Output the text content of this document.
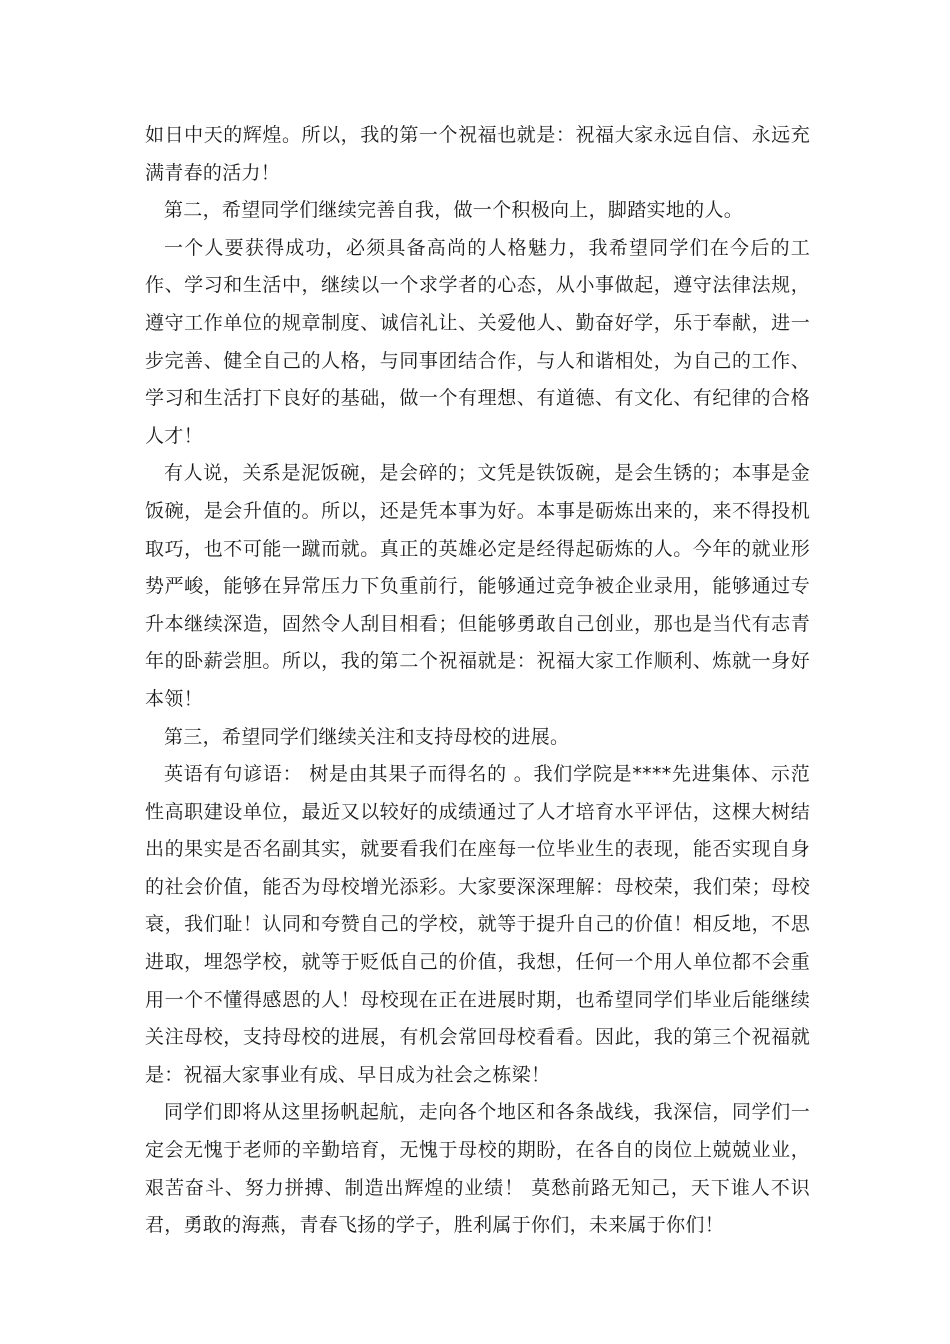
如日中天的辉煌。所以，我的第一个祝福也就是：祝福大家永远自信、永远充满青春的活力！

第二，希望同学们继续完善自我，做一个积极向上，脚踏实地的人。

一个人要获得成功，必须具备高尚的人格魅力，我希望同学们在今后的工作、学习和生活中，继续以一个求学者的心态，从小事做起，遵守法律法规，遵守工作单位的规章制度、诚信礼让、关爱他人、勤奋好学，乐于奉献，进一步完善、健全自己的人格，与同事团结合作，与人和谐相处，为自己的工作、学习和生活打下良好的基础，做一个有理想、有道德、有文化、有纪律的合格人才！

有人说，关系是泥饭碗，是会碎的；文凭是铁饭碗，是会生锈的；本事是金饭碗，是会升值的。所以，还是凭本事为好。本事是砺炼出来的，来不得投机取巧，也不可能一蹴而就。真正的英雄必定是经得起砺炼的人。今年的就业形势严峻，能够在异常压力下负重前行，能够通过竞争被企业录用，能够通过专升本继续深造，固然令人刮目相看；但能够勇敢自己创业，那也是当代有志青年的卧薪尝胆。所以，我的第二个祝福就是：祝福大家工作顺利、炼就一身好本领！

第三，希望同学们继续关注和支持母校的进展。

英语有句谚语： 树是由其果子而得名的 。我们学院是****先进集体、示范性高职建设单位，最近又以较好的成绩通过了人才培育水平评估，这棵大树结出的果实是否名副其实，就要看我们在座每一位毕业生的表现，能否实现自身的社会价值，能否为母校增光添彩。大家要深深理解：母校荣，我们荣；母校衰，我们耻！认同和夸赞自己的学校，就等于提升自己的价值！相反地，不思进取，埋怨学校，就等于贬低自己的价值，我想，任何一个用人单位都不会重用一个不懂得感恩的人！母校现在正在进展时期，也希望同学们毕业后能继续关注母校，支持母校的进展，有机会常回母校看看。因此，我的第三个祝福就是：祝福大家事业有成、早日成为社会之栋梁！

同学们即将从这里扬帆起航，走向各个地区和各条战线，我深信，同学们一定会无愧于老师的辛勤培育，无愧于母校的期盼，在各自的岗位上兢兢业业，艰苦奋斗、努力拼搏、制造出辉煌的业绩！ 莫愁前路无知己，天下谁人不识君，勇敢的海燕，青春飞扬的学子，胜利属于你们，未来属于你们！
